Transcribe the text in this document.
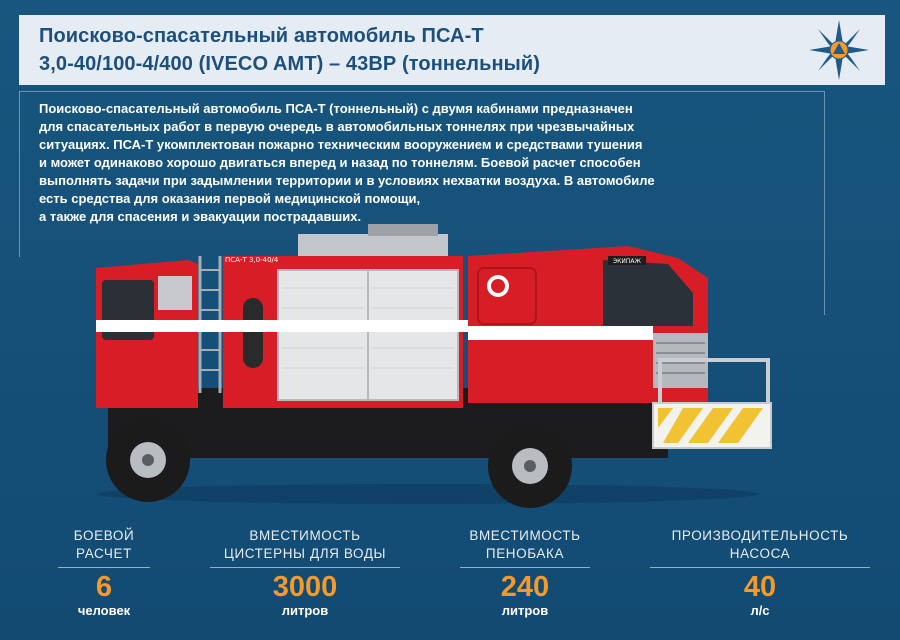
Поисково-спасательный автомобиль ПСА-Т
3,0-40/100-4/400 (IVECO AMT) – 43ВР (тоннельный)
Поисково-спасательный автомобиль ПСА-Т (тоннельный) с двумя кабинами предназначен
для спасательных работ в первую очередь в автомобильных тоннелях при чрезвычайных
ситуациях. ПСА-Т укомплектован пожарно техническим вооружением и средствами тушения
и может одинаково хорошо двигаться вперед и назад по тоннелям. Боевой расчет способен
выполнять задачи при задымлении территории и в условиях нехватки воздуха. В автомобиле
есть средства для оказания первой медицинской помощи,
а также для спасения и эвакуации пострадавших.
ЭКИПАЖ
ПСА-Т 3,0-40/4
БОЕВОЙ
РАСЧЕТ
6
человек
ВМЕСТИМОСТЬ
ЦИСТЕРНЫ ДЛЯ ВОДЫ
3000
литров
ВМЕСТИМОСТЬ
ПЕНОБАКА
240
литров
ПРОИЗВОДИТЕЛЬНОСТЬ
НАСОСА
40
л/с
